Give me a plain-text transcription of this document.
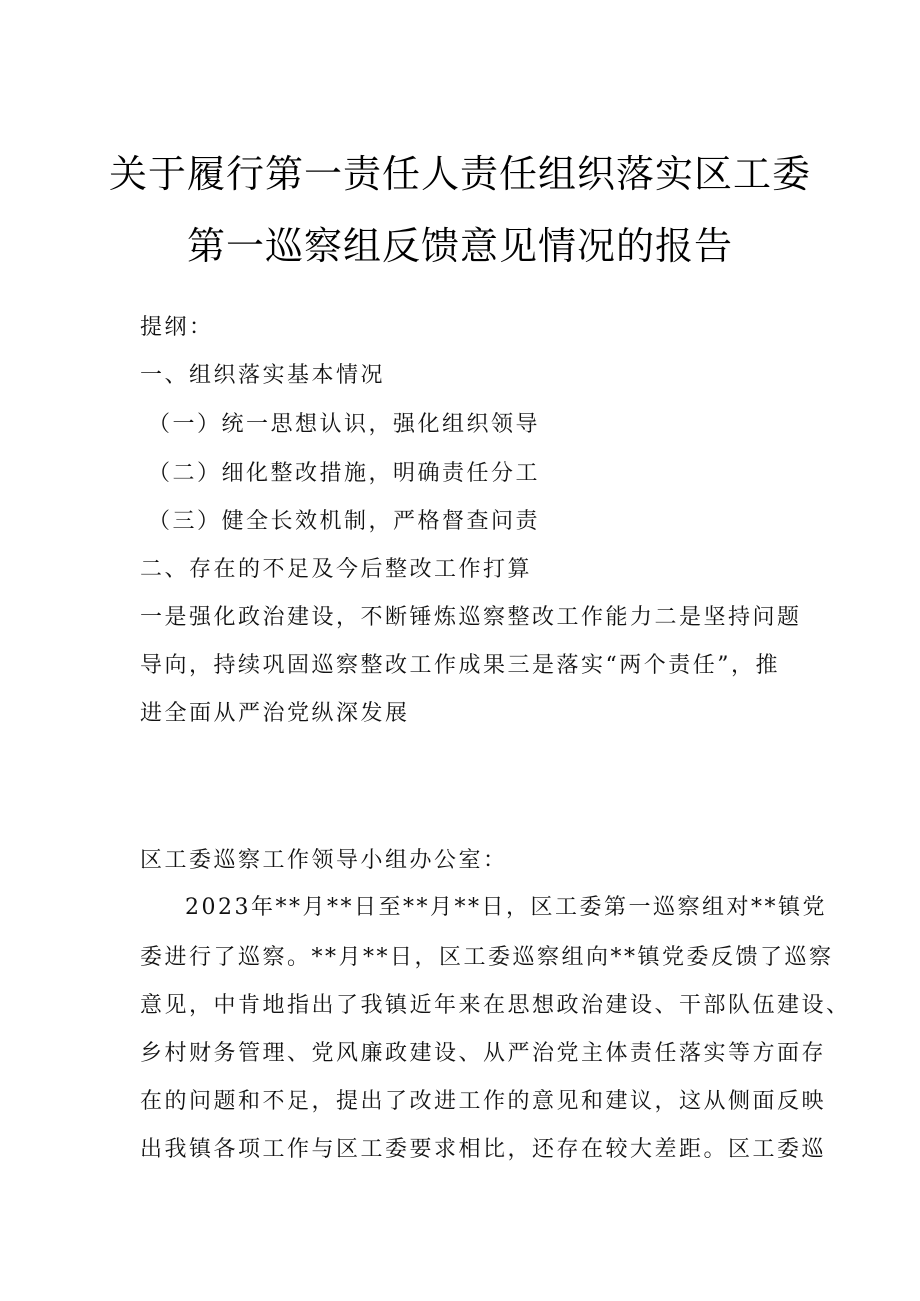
关于履行第一责任人责任组织落实区工委
第一巡察组反馈意见情况的报告
提纲：
一、组织落实基本情况
（一）统一思想认识，强化组织领导
（二）细化整改措施，明确责任分工
（三）健全长效机制，严格督查问责
二、存在的不足及今后整改工作打算
一是强化政治建设，不断锤炼巡察整改工作能力二是坚持问题
导向，持续巩固巡察整改工作成果三是落实“两个责任”，推
进全面从严治党纵深发展
区工委巡察工作领导小组办公室：
2023年**月**日至**月**日，区工委第一巡察组对**镇党
委进行了巡察。**月**日，区工委巡察组向**镇党委反馈了巡察
意见，中肯地指出了我镇近年来在思想政治建设、干部队伍建设、
乡村财务管理、党风廉政建设、从严治党主体责任落实等方面存
在的问题和不足，提出了改进工作的意见和建议，这从侧面反映
出我镇各项工作与区工委要求相比，还存在较大差距。区工委巡
